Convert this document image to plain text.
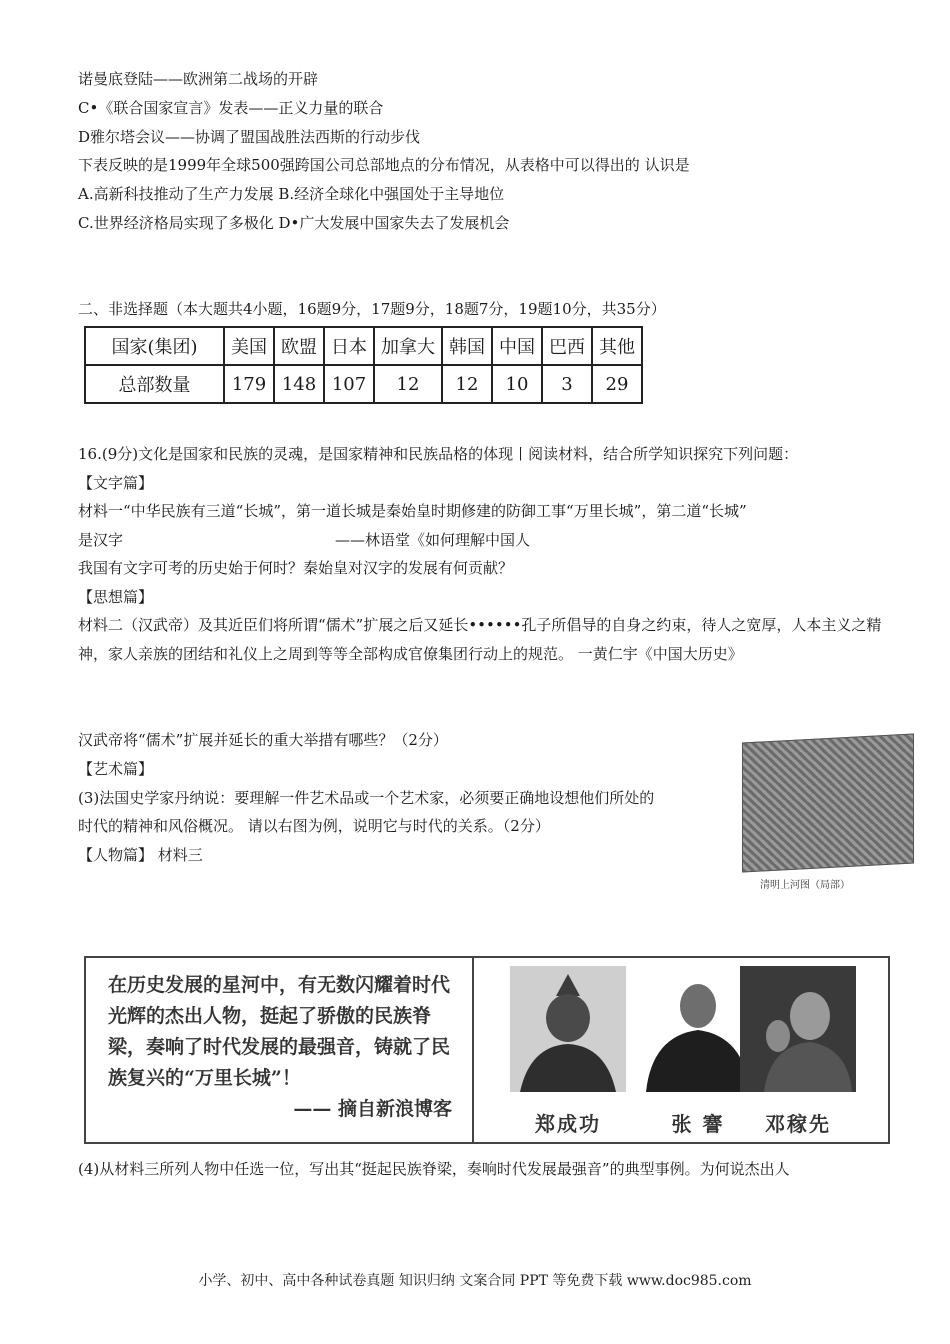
诺曼底登陆——欧洲第二战场的开辟
C•《联合国家宣言》发表——正义力量的联合
D雅尔塔会议——协调了盟国战胜法西斯的行动步伐
下表反映的是1999年全球500强跨国公司总部地点的分布情况，从表格中可以得出的 认识是
A.高新科技推动了生产力发展 B.经济全球化中强国处于主导地位
C.世界经济格局实现了多极化 D•广大发展中国家失去了发展机会
二、非选择题（本大题共4小题，16题9分，17题9分，18题7分，19题10分，共35分）
国家(集团)	美国	欧盟	日本	加拿大	韩国	中国	巴西	其他
总部数量	179	148	107	12	12	10	3	29
16.(9分)文化是国家和民族的灵魂，是国家精神和民族品格的体现丨阅读材料，结合所学知识探究下列问题：
【文字篇】
材料一“中华民族有三道“长城”，第一道长城是秦始皇时期修建的防御工事“万里长城”，第二道“长城”
是汉字	——林语堂《如何理解中国人
我国有文字可考的历史始于何时？秦始皇对汉字的发展有何贡献？
【思想篇】
材料二（汉武帝）及其近臣们将所谓“儒术”扩展之后又延长••••••孔子所倡导的自身之约束，待人之宽厚，人本主义之精神，家人亲族的团结和礼仪上之周到等等全部构成官僚集团行动上的规范。 一黄仁宇《中国大历史》
汉武帝将“儒术”扩展并延长的重大举措有哪些？（2分）
【艺术篇】
(3)法国史学家丹纳说：要理解一件艺术品或一个艺术家，必须要正确地设想他们所处的
时代的精神和风俗概况。 请以右图为例，说明它与时代的关系。（2分）
【人物篇】 材料三
清明上河图（局部）
在历史发展的星河中，有无数闪耀着时代光辉的杰出人物，挺起了骄傲的民族脊梁，奏响了时代发展的最强音，铸就了民族复兴的“万里长城”！
—— 摘自新浪博客
郑成功	张 謇	邓稼先
(4)从材料三所列人物中任选一位，写出其“挺起民族脊梁，奏响时代发展最强音”的典型事例。为何说杰出人
小学、初中、高中各种试卷真题 知识归纳 文案合同 PPT 等免费下载 www.doc985.com
